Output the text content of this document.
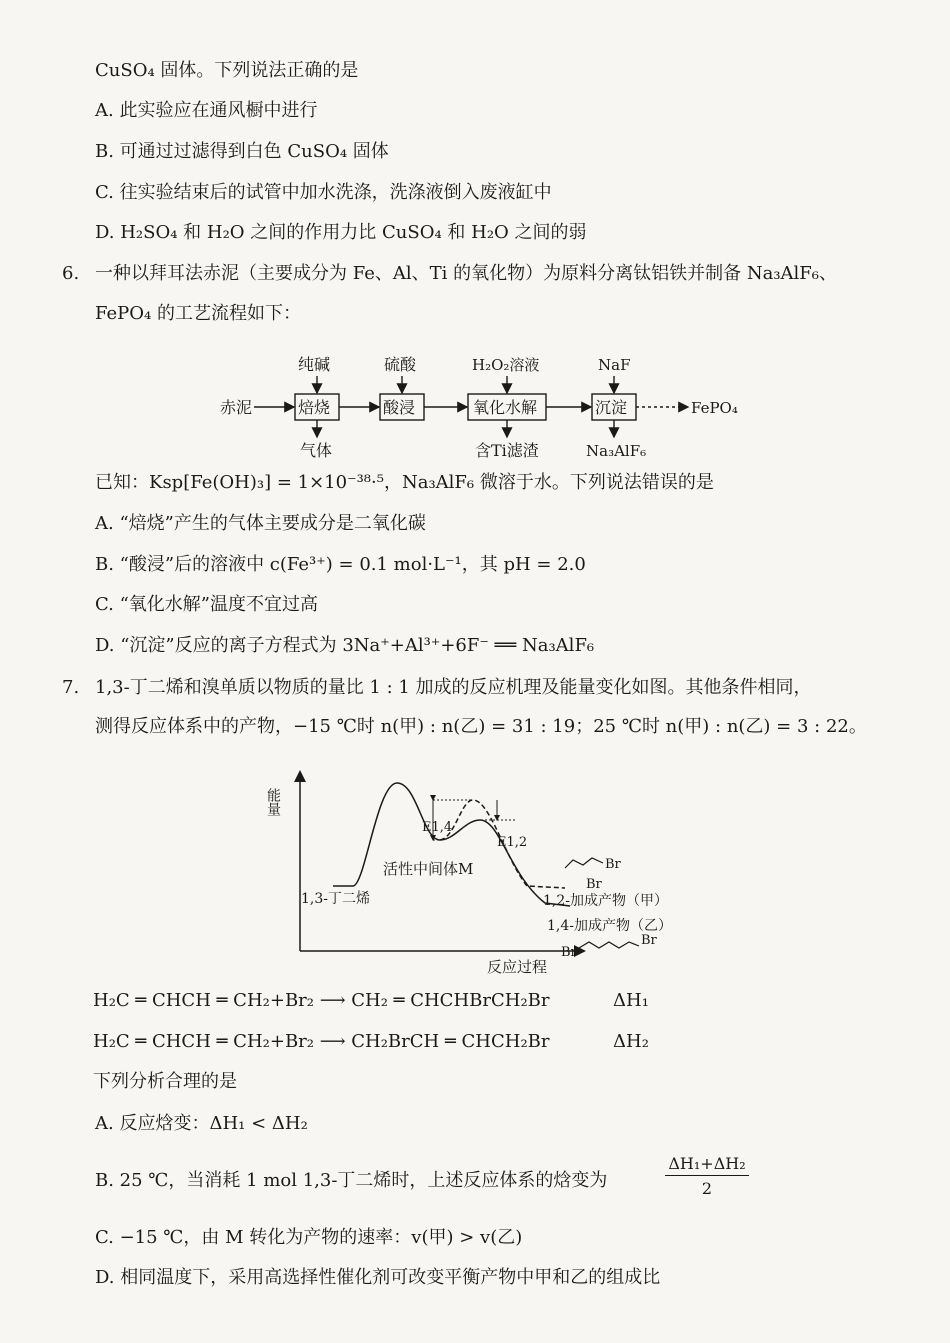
CuSO₄ 固体。下列说法正确的是
A. 此实验应在通风橱中进行
B. 可通过过滤得到白色 CuSO₄ 固体
C. 往实验结束后的试管中加水洗涤，洗涤液倒入废液缸中
D. H₂SO₄ 和 H₂O 之间的作用力比 CuSO₄ 和 H₂O 之间的弱
6. 一种以拜耳法赤泥（主要成分为 Fe、Al、Ti 的氧化物）为原料分离钛铝铁并制备 Na₃AlF₆、
FePO₄ 的工艺流程如下：
赤泥	焙烧	酸浸	氧化水解	沉淀	FePO₄
纯碱	硫酸	H₂O₂溶液	NaF
气体	含Ti滤渣	Na₃AlF₆
已知：Ksp[Fe(OH)₃] = 1×10⁻³⁸·⁵，Na₃AlF₆ 微溶于水。下列说法错误的是
A. “焙烧”产生的气体主要成分是二氧化碳
B. “酸浸”后的溶液中 c(Fe³⁺) = 0.1 mol·L⁻¹，其 pH = 2.0
C. “氧化水解”温度不宜过高
D. “沉淀”反应的离子方程式为 3Na⁺+Al³⁺+6F⁻ ══ Na₃AlF₆
7. 1,3-丁二烯和溴单质以物质的量比 1 : 1 加成的反应机理及能量变化如图。其他条件相同，
测得反应体系中的产物，−15 ℃时 n(甲) : n(乙) = 31 : 19；25 ℃时 n(甲) : n(乙) = 3 : 22。
能量
反应过程
E1,4
E1,2
活性中间体M
1,3-丁二烯	1,2-加成产物（甲）
1,4-加成产物（乙）
Br
Br
Br
Br
H₂C ═ CHCH ═ CH₂+Br₂ ⟶ CH₂ ═ CHCHBrCH₂Br	ΔH₁
H₂C ═ CHCH ═ CH₂+Br₂ ⟶ CH₂BrCH ═ CHCH₂Br	ΔH₂
下列分析合理的是
A. 反应焓变：ΔH₁ < ΔH₂
B. 25 ℃，当消耗 1 mol 1,3-丁二烯时，上述反应体系的焓变为
ΔH₁+ΔH₂
2
C. −15 ℃，由 M 转化为产物的速率：v(甲) > v(乙)
D. 相同温度下，采用高选择性催化剂可改变平衡产物中甲和乙的组成比
